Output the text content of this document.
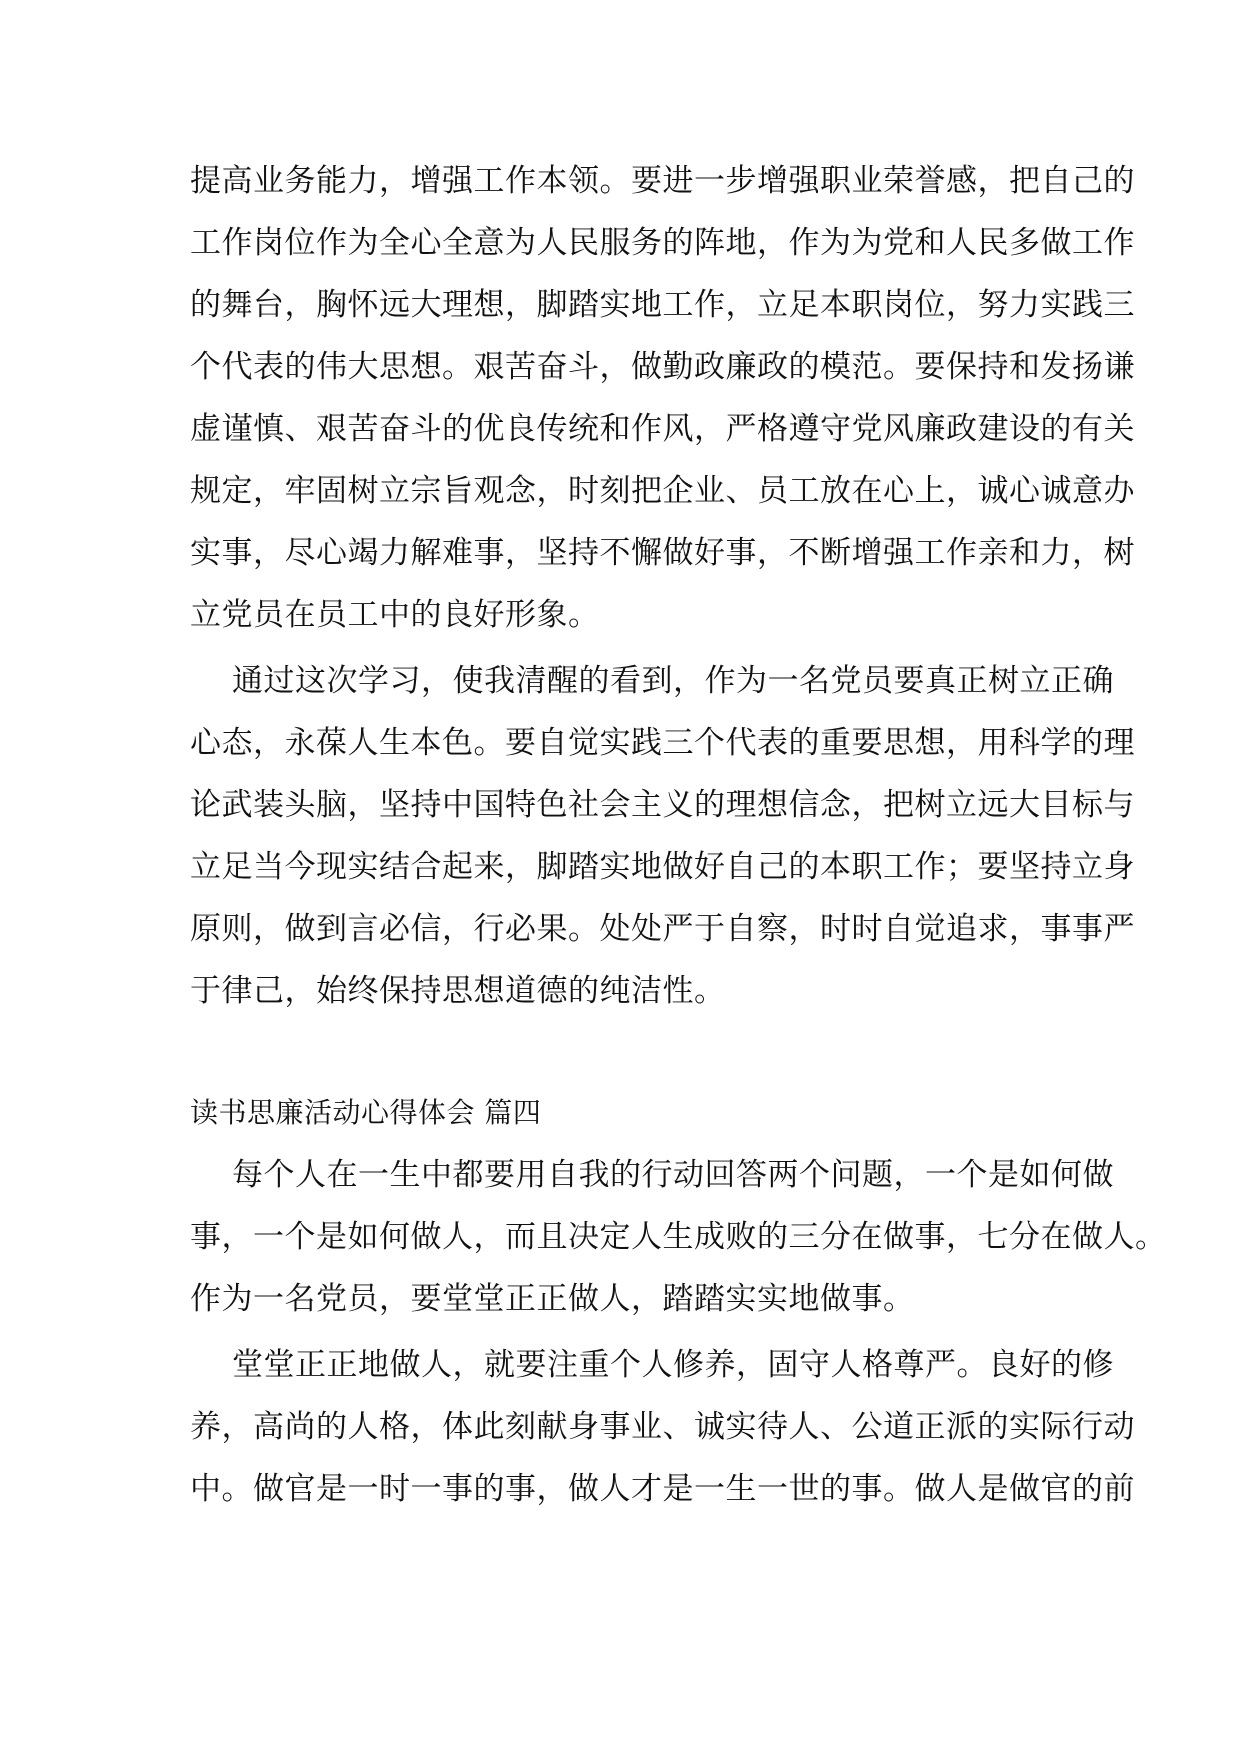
提高业务能力，增强工作本领。要进一步增强职业荣誉感，把自己的
工作岗位作为全心全意为人民服务的阵地，作为为党和人民多做工作
的舞台，胸怀远大理想，脚踏实地工作，立足本职岗位，努力实践三
个代表的伟大思想。艰苦奋斗，做勤政廉政的模范。要保持和发扬谦
虚谨慎、艰苦奋斗的优良传统和作风，严格遵守党风廉政建设的有关
规定，牢固树立宗旨观念，时刻把企业、员工放在心上，诚心诚意办
实事，尽心竭力解难事，坚持不懈做好事，不断增强工作亲和力，树
立党员在员工中的良好形象。
通过这次学习，使我清醒的看到，作为一名党员要真正树立正确
心态，永葆人生本色。要自觉实践三个代表的重要思想，用科学的理
论武装头脑，坚持中国特色社会主义的理想信念，把树立远大目标与
立足当今现实结合起来，脚踏实地做好自己的本职工作；要坚持立身
原则，做到言必信，行必果。处处严于自察，时时自觉追求，事事严
于律己，始终保持思想道德的纯洁性。
读书思廉活动心得体会 篇四
每个人在一生中都要用自我的行动回答两个问题，一个是如何做
事，一个是如何做人，而且决定人生成败的三分在做事，七分在做人。
作为一名党员，要堂堂正正做人，踏踏实实地做事。
堂堂正正地做人，就要注重个人修养，固守人格尊严。良好的修
养，高尚的人格，体此刻献身事业、诚实待人、公道正派的实际行动
中。做官是一时一事的事，做人才是一生一世的事。做人是做官的前
